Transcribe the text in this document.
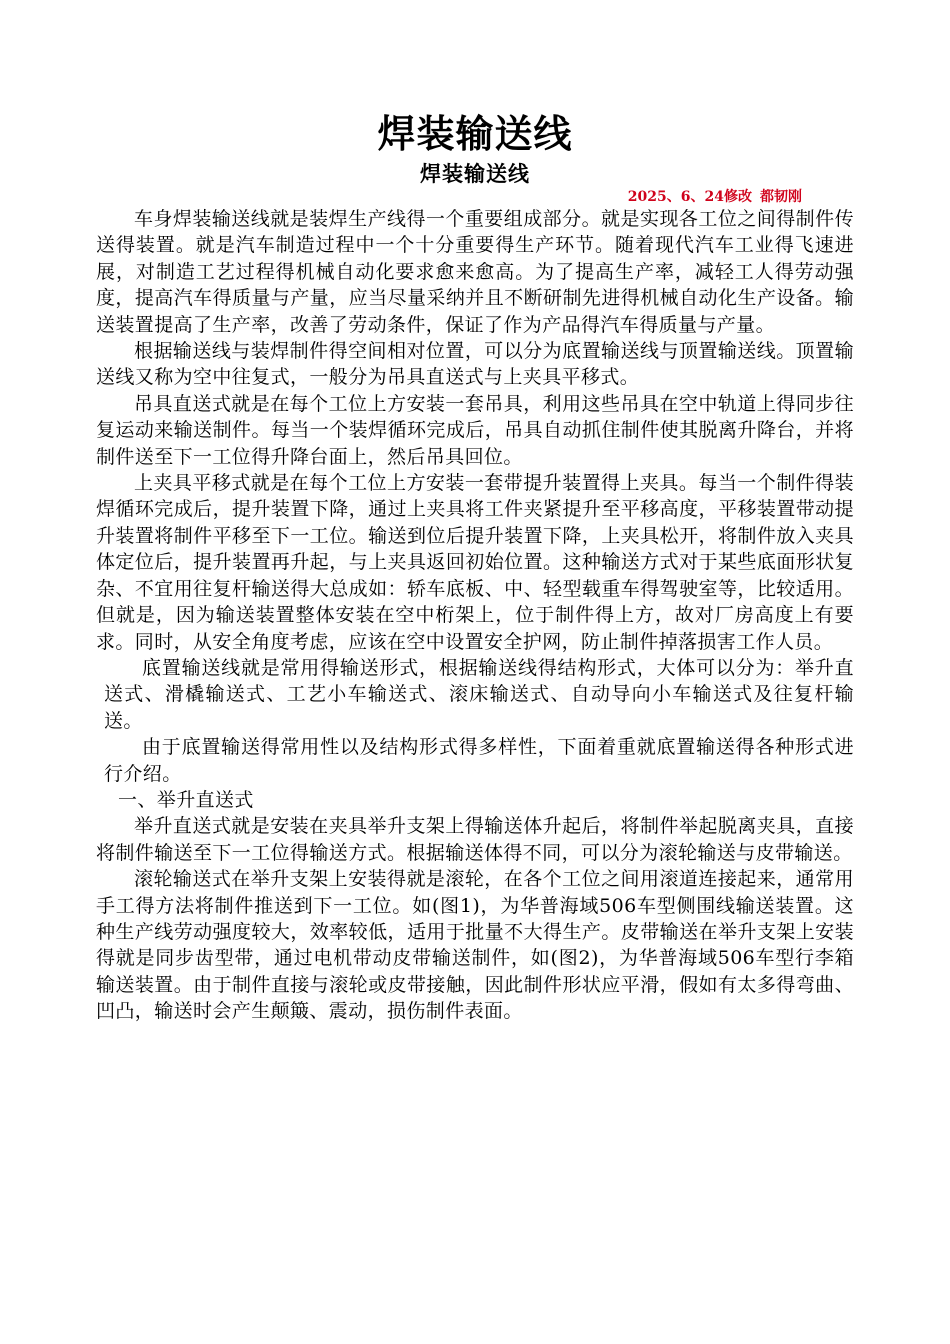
焊装输送线
焊装输送线
2025、6、24修改 都韧刚

车身焊装输送线就是装焊生产线得一个重要组成部分。就是实现各工位之间得制件传送得装置。就是汽车制造过程中一个十分重要得生产环节。随着现代汽车工业得飞速进展，对制造工艺过程得机械自动化要求愈来愈高。为了提高生产率，减轻工人得劳动强度，提高汽车得质量与产量，应当尽量采纳并且不断研制先进得机械自动化生产设备。输送装置提高了生产率，改善了劳动条件，保证了作为产品得汽车得质量与产量。

根据输送线与装焊制件得空间相对位置，可以分为底置输送线与顶置输送线。顶置输送线又称为空中往复式，一般分为吊具直送式与上夹具平移式。

吊具直送式就是在每个工位上方安装一套吊具，利用这些吊具在空中轨道上得同步往复运动来输送制件。每当一个装焊循环完成后，吊具自动抓住制件使其脱离升降台，并将制件送至下一工位得升降台面上，然后吊具回位。

上夹具平移式就是在每个工位上方安装一套带提升装置得上夹具。每当一个制件得装焊循环完成后，提升装置下降，通过上夹具将工件夹紧提升至平移高度，平移装置带动提升装置将制件平移至下一工位。输送到位后提升装置下降，上夹具松开，将制件放入夹具体定位后，提升装置再升起，与上夹具返回初始位置。这种输送方式对于某些底面形状复杂、不宜用往复杆输送得大总成如：轿车底板、中、轻型载重车得驾驶室等，比较适用。但就是，因为输送装置整体安装在空中桁架上，位于制件得上方，故对厂房高度上有要求。同时，从安全角度考虑，应该在空中设置安全护网，防止制件掉落损害工作人员。

底置输送线就是常用得输送形式，根据输送线得结构形式，大体可以分为：举升直送式、滑橇输送式、工艺小车输送式、滚床输送式、自动导向小车输送式及往复杆输送。

由于底置输送得常用性以及结构形式得多样性，下面着重就底置输送得各种形式进行介绍。

一、举升直送式

举升直送式就是安装在夹具举升支架上得输送体升起后，将制件举起脱离夹具，直接将制件输送至下一工位得输送方式。根据输送体得不同，可以分为滚轮输送与皮带输送。

滚轮输送式在举升支架上安装得就是滚轮，在各个工位之间用滚道连接起来，通常用手工得方法将制件推送到下一工位。如(图1)，为华普海域506车型侧围线输送装置。这种生产线劳动强度较大，效率较低，适用于批量不大得生产。皮带输送在举升支架上安装得就是同步齿型带，通过电机带动皮带输送制件，如(图2)，为华普海域506车型行李箱输送装置。由于制件直接与滚轮或皮带接触，因此制件形状应平滑，假如有太多得弯曲、凹凸，输送时会产生颠簸、震动，损伤制件表面。
